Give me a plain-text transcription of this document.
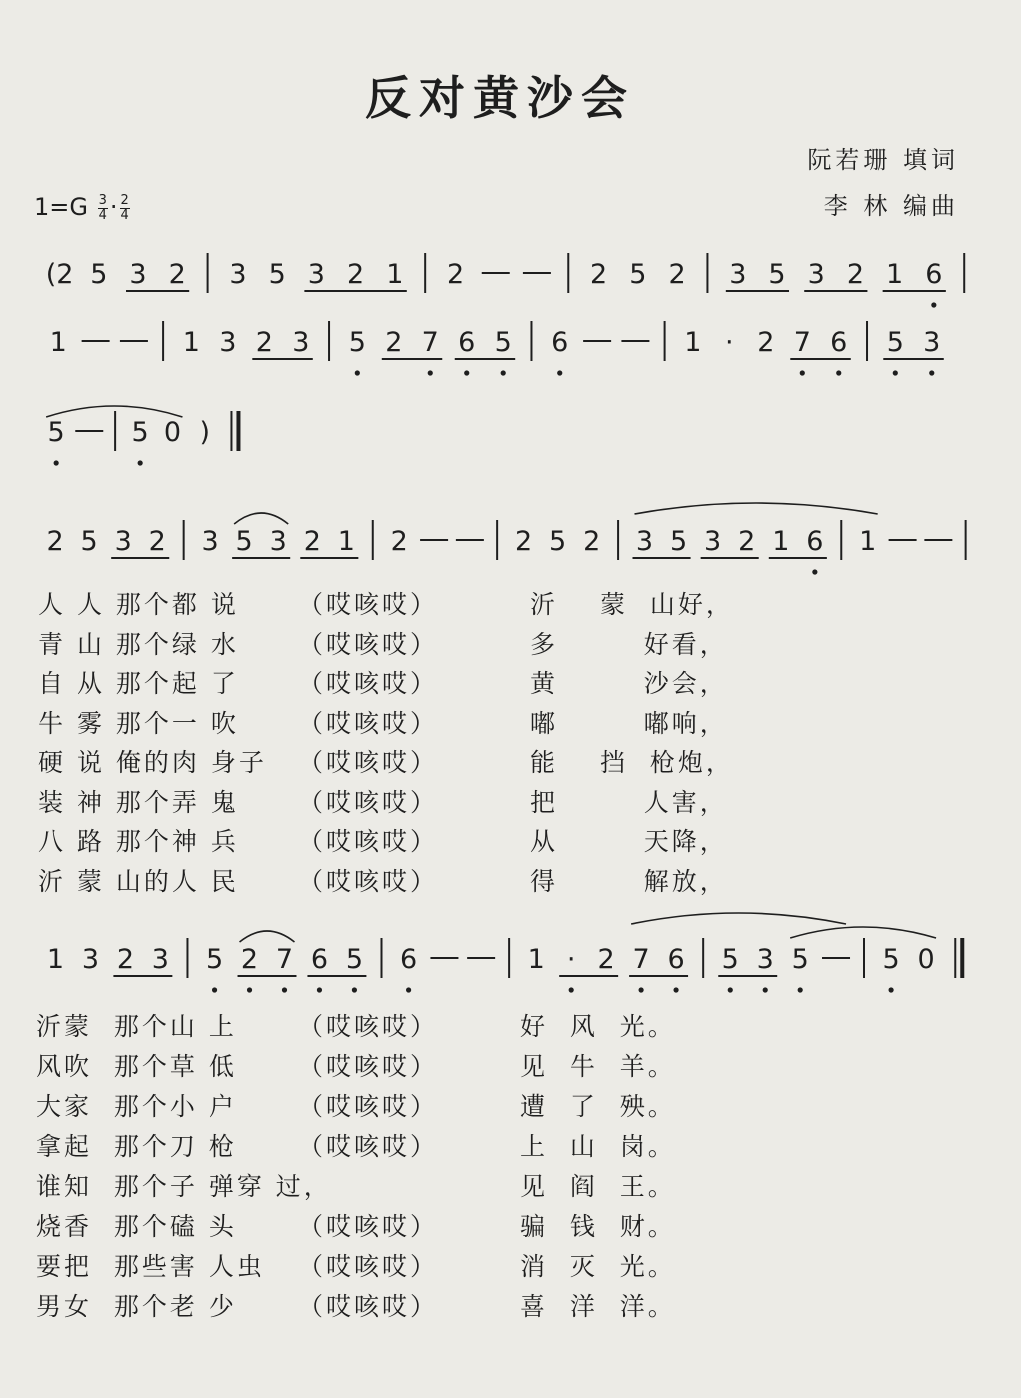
反对黄沙会
阮若珊 填词
李 林 编曲
$1=G \frac{3}{4} \cdot \frac{2}{4}$
(2 5 3 2 3 5 3 2 1 2	2 5 2 3 5 3 2 1 6
1	1 3 2 3 5 2 7 6 5 6	1 · 2 7 6 5 3
5 5 0 )
2 5 3 2 3 5 3 2 1 2	2 5 2 3 5 3 2 1 6 1
1 3 2 3 5 2 7 6 5 6	1 · 2 7 6 5 3 5	5 0
人 人 那个都 说 （哎咳哎）	沂 蒙  山好，
青 山 那个绿 水 （哎咳哎）	多 好看，
自 从 那个起 了 （哎咳哎）	黄 沙会，
牛 雾 那个一 吹 （哎咳哎）	嘟 嘟响，
硬 说 俺的肉 身子 （哎咳哎）	能 挡  枪炮，
装 神 那个弄 鬼 （哎咳哎）	把 人害，
八 路 那个神 兵 （哎咳哎）	从 天降，
沂 蒙 山的人 民 （哎咳哎）	得 解放，
沂蒙  那个山 上 （哎咳哎）	好  风  光。
风吹  那个草 低 （哎咳哎）	见  牛  羊。
大家  那个小 户 （哎咳哎）	遭  了  殃。
拿起  那个刀 枪 （哎咳哎）	上  山  岗。
谁知  那个子 弹穿 过，	见  阎  王。
烧香  那个磕 头 （哎咳哎）	骗  钱  财。
要把  那些害 人虫 （哎咳哎）	消  灭  光。
男女  那个老 少 （哎咳哎）	喜  洋  洋。
